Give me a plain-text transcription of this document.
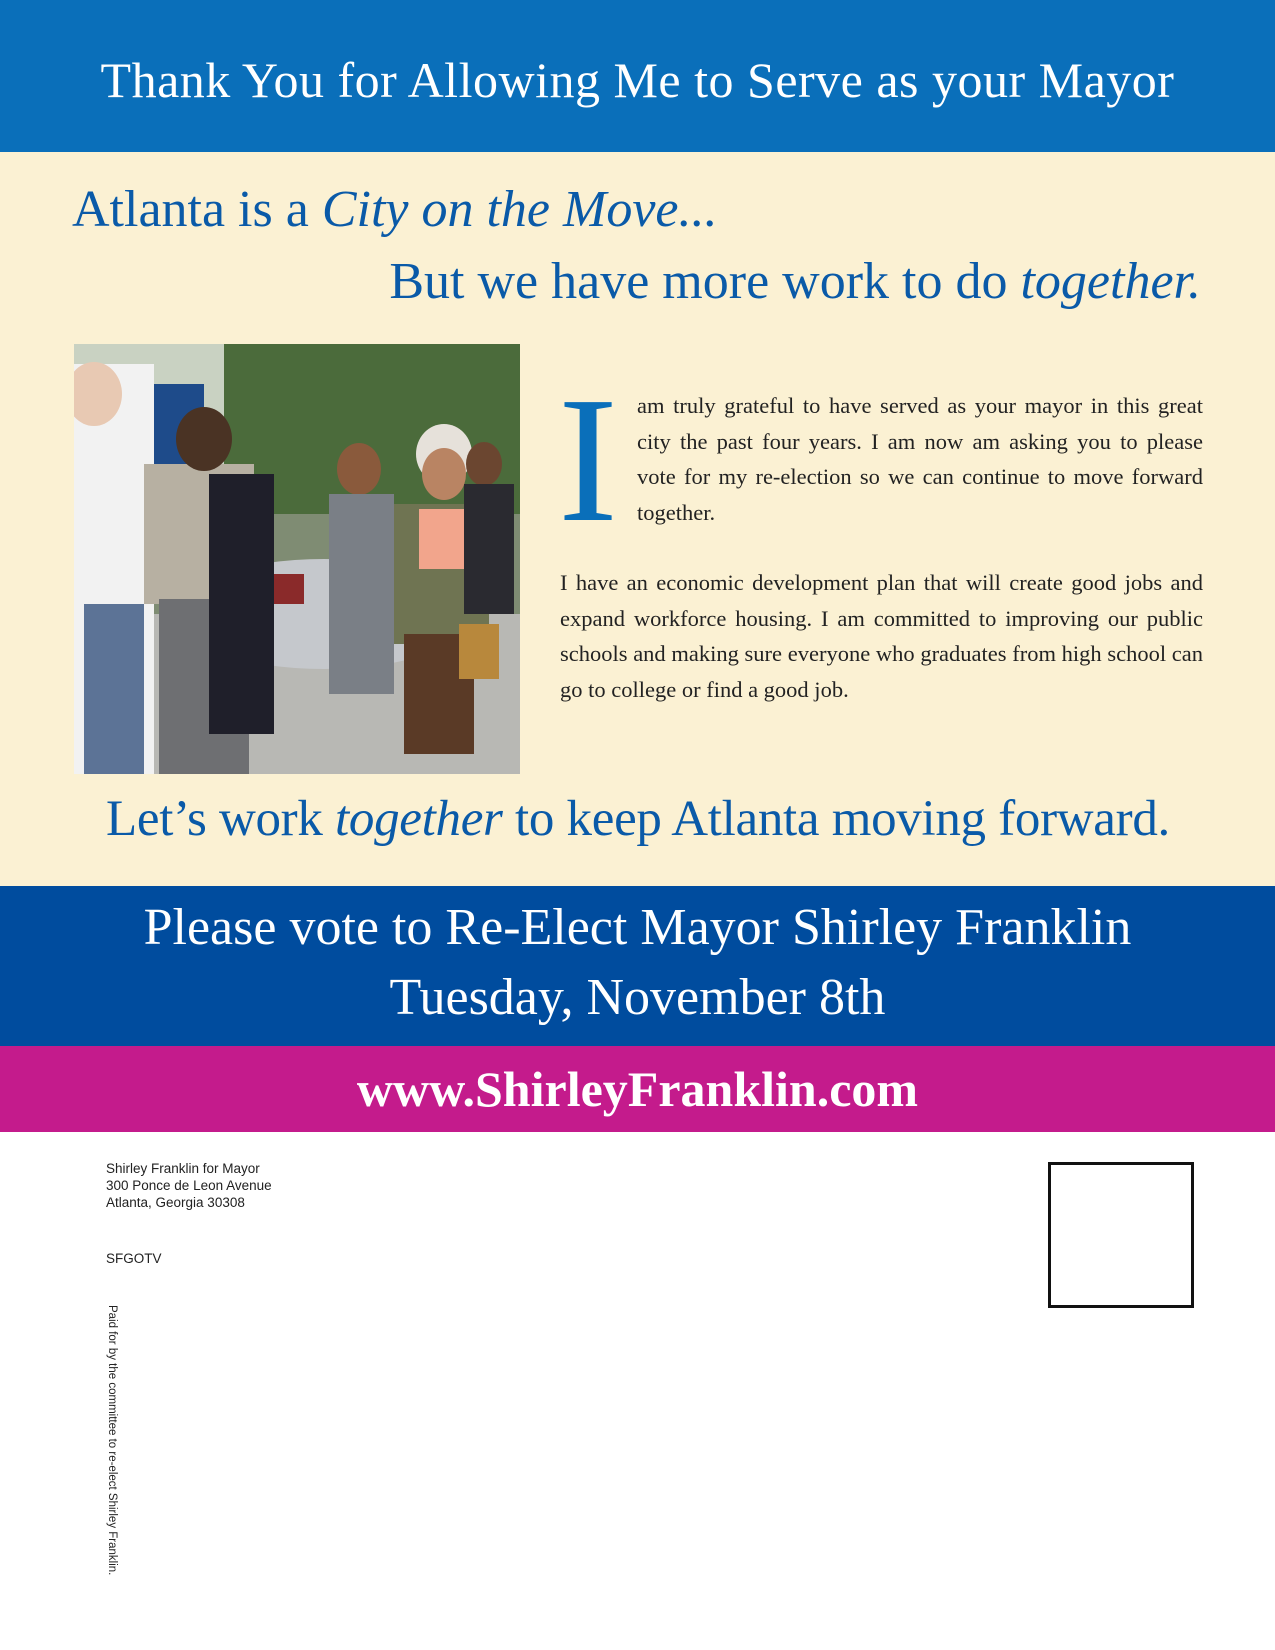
Thank You for Allowing Me to Serve as your Mayor
Atlanta is a City on the Move...
But we have more work to do together.
I am truly grateful to have served as your mayor in this great city the past four years. I am now am asking you to please vote for my re-election so we can continue to move forward together.
I have an economic development plan that will create good jobs and expand workforce housing. I am committed to improving our public schools and making sure everyone who graduates from high school can go to college or find a good job.
Let’s work together to keep Atlanta moving forward.
Please vote to Re-Elect Mayor Shirley Franklin
Tuesday, November 8th
www.ShirleyFranklin.com
Shirley Franklin for Mayor
300 Ponce de Leon Avenue
Atlanta, Georgia 30308
SFGOTV
Paid for by the committee to re-elect Shirley Franklin.
